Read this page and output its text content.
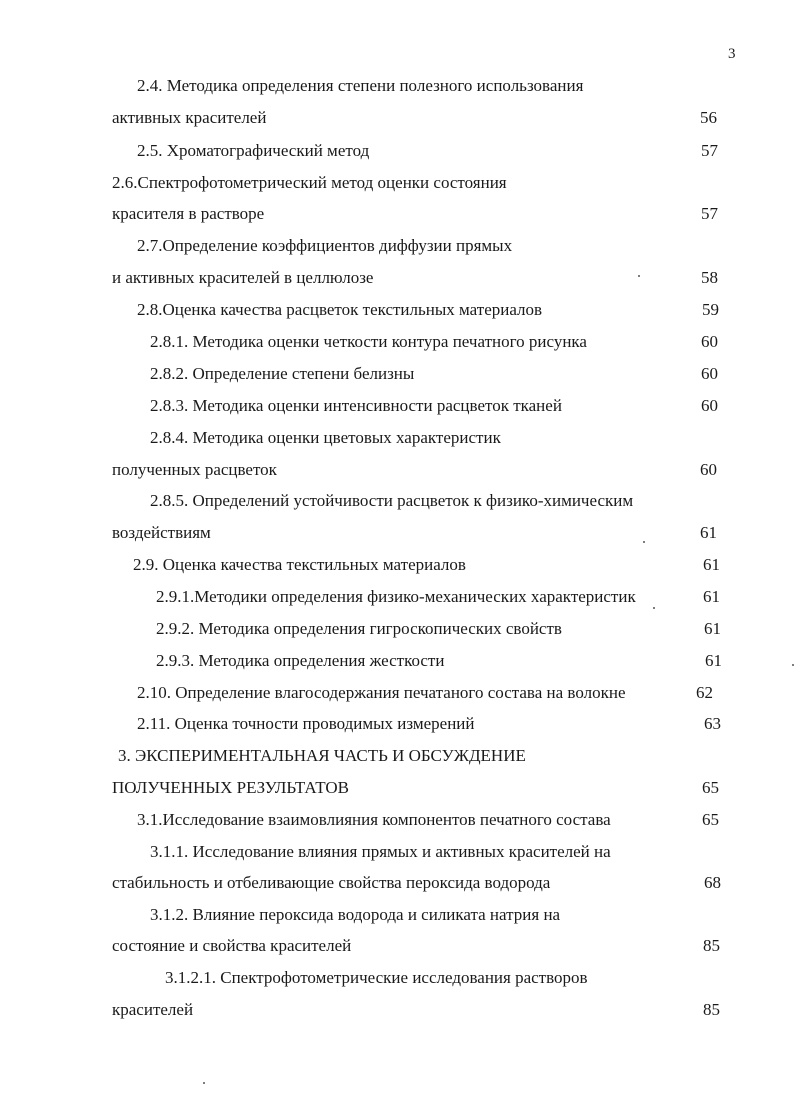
3
2.4. Методика определения степени полезного использования
активных красителей	56
2.5. Хроматографический метод	57
2.6.Спектрофотометрический метод оценки состояния
красителя в растворе	57
2.7.Определение коэффициентов диффузии прямых
и активных красителей в целлюлозе	58
2.8.Оценка качества расцветок текстильных материалов	59
2.8.1. Методика оценки четкости контура печатного рисунка	60
2.8.2. Определение степени белизны	60
2.8.3. Методика оценки интенсивности расцветок тканей	60
2.8.4. Методика оценки цветовых характеристик
полученных расцветок	60
2.8.5. Определений устойчивости расцветок к физико-химическим
воздействиям	61
2.9. Оценка качества текстильных материалов	61
2.9.1.Методики определения физико-механических характеристик	61
2.9.2. Методика определения гигроскопических свойств	61
2.9.3. Методика определения жесткости	61
2.10. Определение влагосодержания печатаного состава на волокне	62
2.11. Оценка точности проводимых измерений	63
3. ЭКСПЕРИМЕНТАЛЬНАЯ ЧАСТЬ И ОБСУЖДЕНИЕ
ПОЛУЧЕННЫХ РЕЗУЛЬТАТОВ	65
3.1.Исследование взаимовлияния компонентов печатного состава	65
3.1.1. Исследование влияния прямых и активных красителей на
стабильность и отбеливающие свойства пероксида водорода	68
3.1.2. Влияние пероксида водорода и силиката натрия на
состояние и свойства красителей	85
3.1.2.1. Спектрофотометрические исследования растворов
красителей	85
